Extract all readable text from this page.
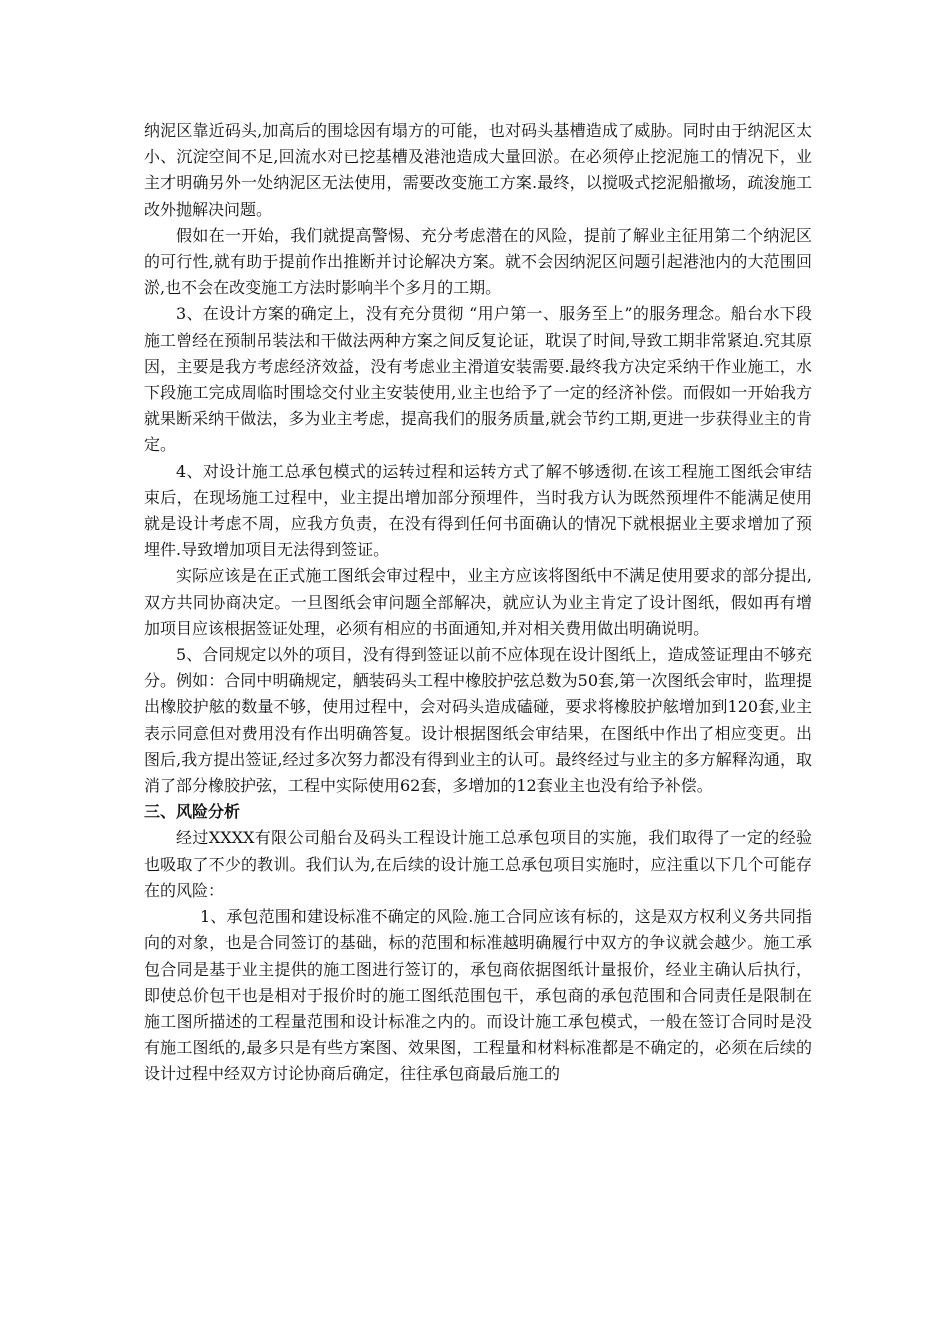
纳泥区靠近码头,加高后的围埝因有塌方的可能，也对码头基槽造成了威胁。同时由于纳泥区太小、沉淀空间不足,回流水对已挖基槽及港池造成大量回淤。在必须停止挖泥施工的情况下，业主才明确另外一处纳泥区无法使用，需要改变施工方案.最终，以搅吸式挖泥船撤场，疏浚施工改外抛解决问题。

假如在一开始，我们就提高警惕、充分考虑潜在的风险，提前了解业主征用第二个纳泥区的可行性,就有助于提前作出推断并讨论解决方案。就不会因纳泥区问题引起港池内的大范围回淤,也不会在改变施工方法时影响半个多月的工期。

3、在设计方案的确定上，没有充分贯彻 “用户第一、服务至上”的服务理念。船台水下段施工曾经在预制吊装法和干做法两种方案之间反复论证，耽误了时间,导致工期非常紧迫.究其原因，主要是我方考虑经济效益，没有考虑业主滑道安装需要.最终我方决定采纳干作业施工，水下段施工完成周临时围埝交付业主安装使用,业主也给予了一定的经济补偿。而假如一开始我方就果断采纳干做法，多为业主考虑，提高我们的服务质量,就会节约工期,更进一步获得业主的肯定。

4、对设计施工总承包模式的运转过程和运转方式了解不够透彻.在该工程施工图纸会审结束后，在现场施工过程中，业主提出增加部分预埋件，当时我方认为既然预埋件不能满足使用就是设计考虑不周，应我方负责，在没有得到任何书面确认的情况下就根据业主要求增加了预埋件.导致增加项目无法得到签证。

实际应该是在正式施工图纸会审过程中，业主方应该将图纸中不满足使用要求的部分提出,双方共同协商决定。一旦图纸会审问题全部解决，就应认为业主肯定了设计图纸，假如再有增加项目应该根据签证处理，必须有相应的书面通知,并对相关费用做出明确说明。

5、合同规定以外的项目，没有得到签证以前不应体现在设计图纸上，造成签证理由不够充分。例如：合同中明确规定，舾装码头工程中橡胶护弦总数为50套,第一次图纸会审时，监理提出橡胶护舷的数量不够，使用过程中，会对码头造成磕碰，要求将橡胶护舷增加到120套,业主表示同意但对费用没有作出明确答复。设计根据图纸会审结果，在图纸中作出了相应变更。出图后,我方提出签证,经过多次努力都没有得到业主的认可。最终经过与业主的多方解释沟通，取消了部分橡胶护弦，工程中实际使用62套，多增加的12套业主也没有给予补偿。

三、风险分析

经过XXXX有限公司船台及码头工程设计施工总承包项目的实施，我们取得了一定的经验也吸取了不少的教训。我们认为,在后续的设计施工总承包项目实施时，应注重以下几个可能存在的风险：

1、承包范围和建设标准不确定的风险.施工合同应该有标的，这是双方权利义务共同指向的对象，也是合同签订的基础，标的范围和标准越明确履行中双方的争议就会越少。施工承包合同是基于业主提供的施工图进行签订的，承包商依据图纸计量报价，经业主确认后执行，即使总价包干也是相对于报价时的施工图纸范围包干，承包商的承包范围和合同责任是限制在施工图所描述的工程量范围和设计标准之内的。而设计施工承包模式，一般在签订合同时是没有施工图纸的,最多只是有些方案图、效果图，工程量和材料标准都是不确定的，必须在后续的设计过程中经双方讨论协商后确定，往往承包商最后施工的
